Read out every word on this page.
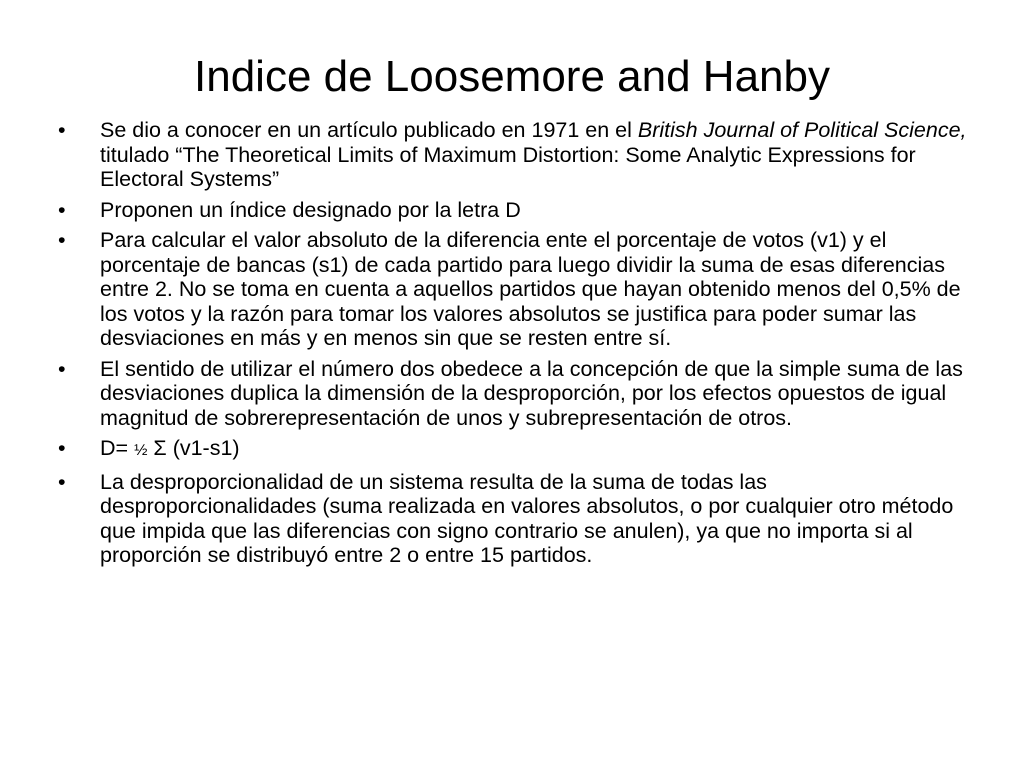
Indice de Loosemore and Hanby
•	Se dio a conocer en un artículo publicado en 1971 en el British Journal of Political Science, titulado “The Theoretical Limits of Maximum Distortion: Some Analytic Expressions for Electoral Systems”
•	Proponen un índice designado por la letra D
•	Para calcular el valor absoluto de la diferencia ente el porcentaje de votos (v1) y el porcentaje de bancas (s1) de cada partido para luego dividir la suma de esas diferencias entre 2. No se toma en cuenta a aquellos partidos que hayan obtenido menos del 0,5% de los votos y la razón para tomar los valores absolutos se justifica para poder sumar las desviaciones en más y en menos sin que se resten entre sí.
•	El sentido de utilizar el número dos obedece a la concepción de que la simple suma de las desviaciones duplica la dimensión de la desproporción, por los efectos opuestos de igual magnitud de sobrerepresentación de unos y subrepresentación de otros.
•	D= ½ Σ (v1-s1)
•	La desproporcionalidad de un sistema resulta de la suma de todas las desproporcionalidades (suma realizada en valores absolutos, o por cualquier otro método que impida que las diferencias con signo contrario se anulen), ya que no importa si al proporción se distribuyó entre 2 o entre 15 partidos.
